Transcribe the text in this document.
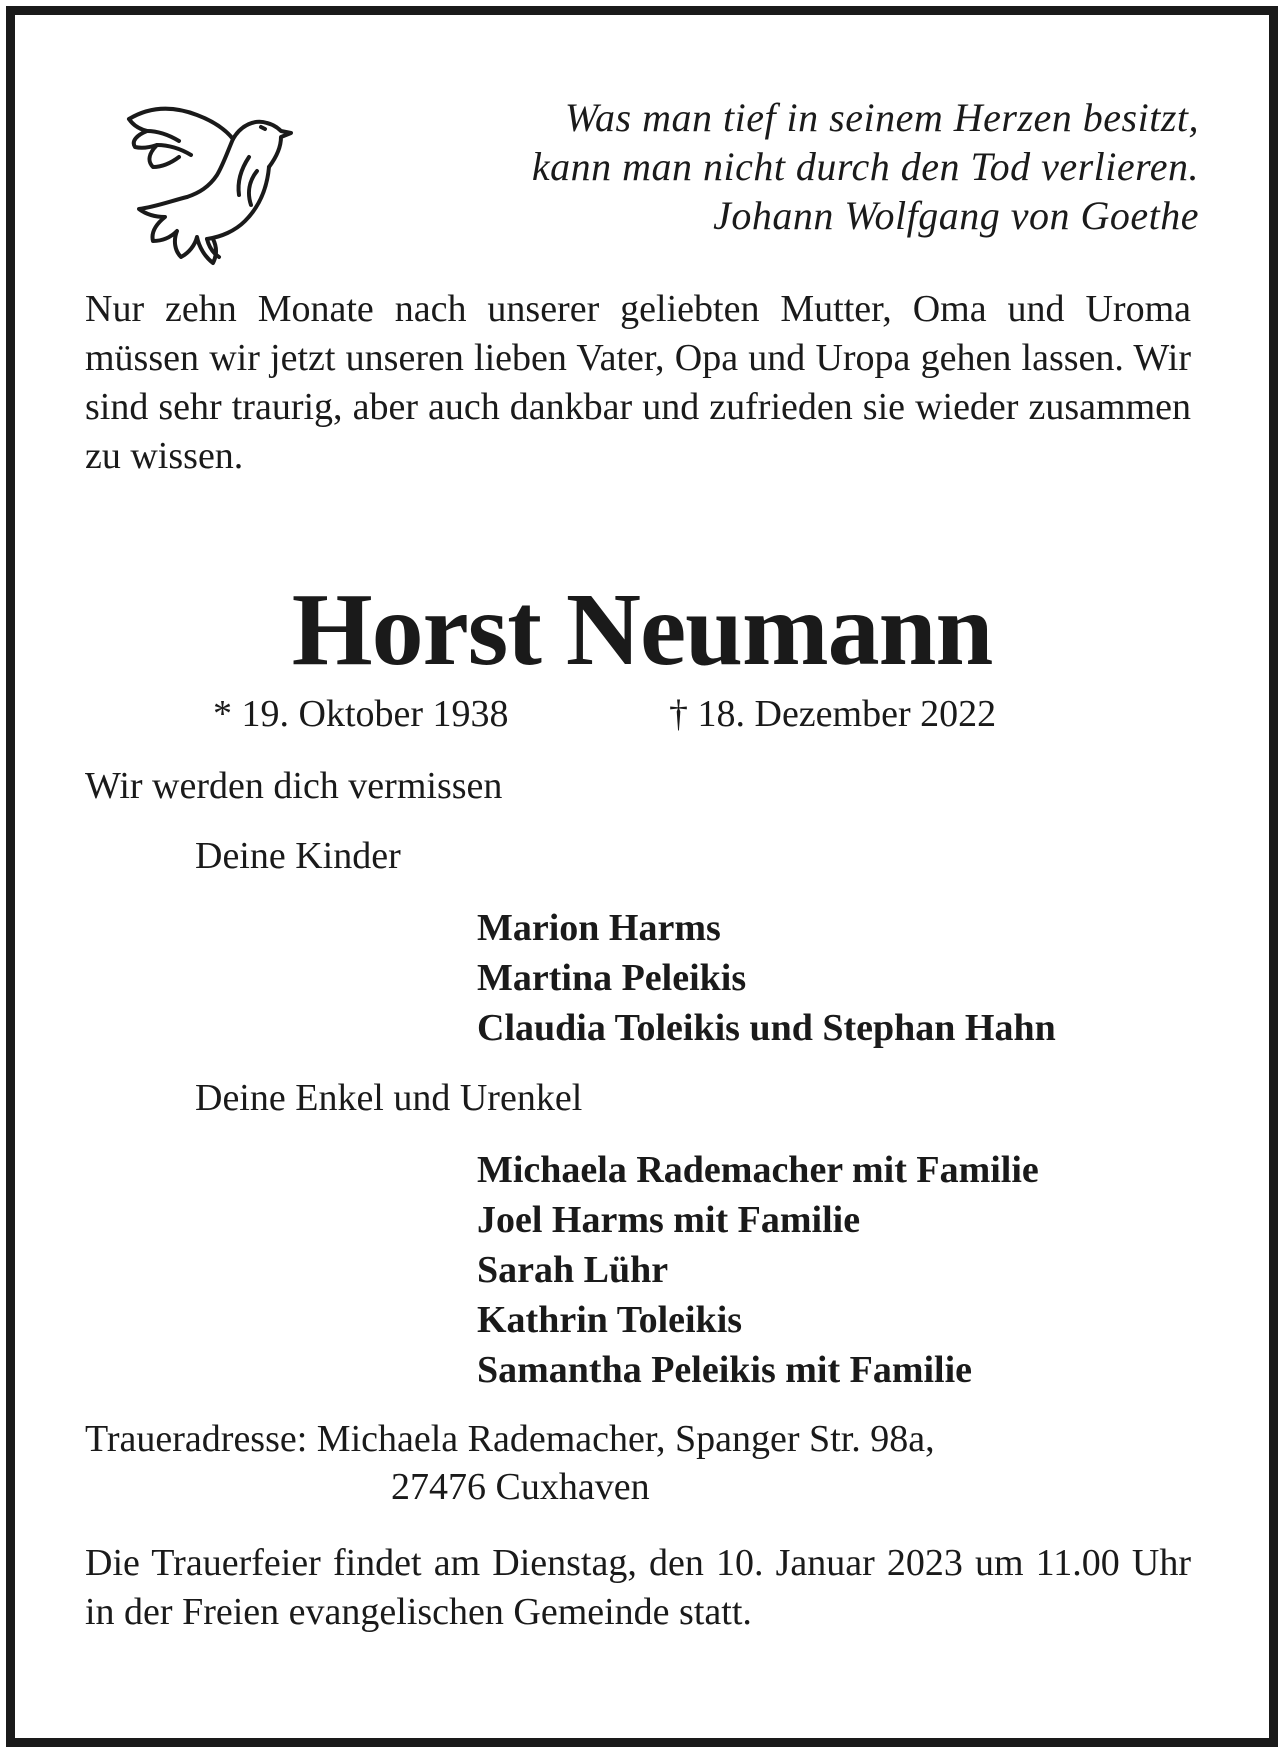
Was man tief in seinem Herzen besitzt,
kann man nicht durch den Tod verlieren.
Johann Wolfgang von Goethe
Nur zehn Monate nach unserer geliebten Mutter, Oma und Uroma müssen wir jetzt unseren lieben Vater, Opa und Uropa gehen lassen. Wir sind sehr traurig, aber auch dankbar und zufrieden sie wieder zusammen zu wissen.
Horst Neumann
* 19. Oktober 1938	† 18. Dezember 2022
Wir werden dich vermissen
Deine Kinder
Marion Harms
Martina Peleikis
Claudia Toleikis und Stephan Hahn
Deine Enkel und Urenkel
Michaela Rademacher mit Familie
Joel Harms mit Familie
Sarah Lühr
Kathrin Toleikis
Samantha Peleikis mit Familie
Traueradresse: Michaela Rademacher, Spanger Str. 98a,
27476 Cuxhaven
Die Trauerfeier findet am Dienstag, den 10. Januar 2023 um 11.00 Uhr in der Freien evangelischen Gemeinde statt.
